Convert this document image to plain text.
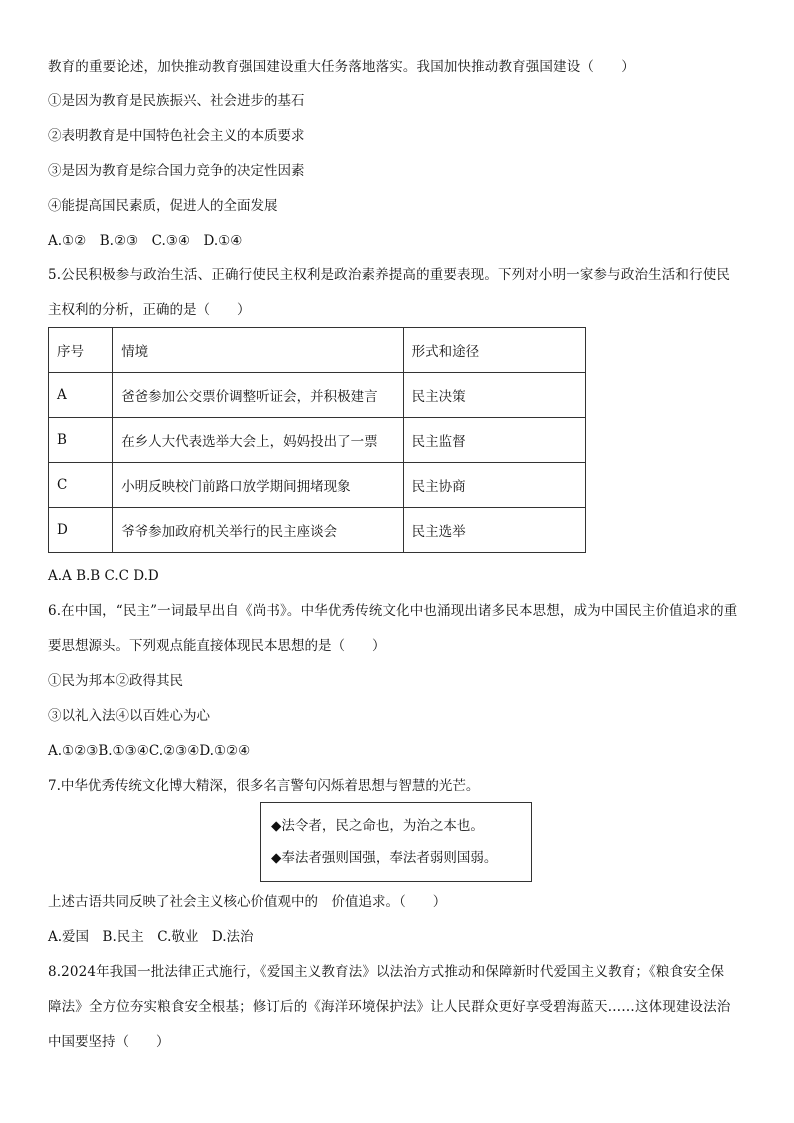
教育的重要论述，加快推动教育强国建设重大任务落地落实。我国加快推动教育强国建设（　　）
①是因为教育是民族振兴、社会进步的基石
②表明教育是中国特色社会主义的本质要求
③是因为教育是综合国力竞争的决定性因素
④能提高国民素质，促进人的全面发展
A.①②　B.②③　C.③④　D.①④
5.公民积极参与政治生活、正确行使民主权利是政治素养提高的重要表现。下列对小明一家参与政治生活和行使民
主权利的分析，正确的是（　　）
序号	情境	形式和途径
A	爸爸参加公交票价调整听证会，并积极建言	民主决策
B	在乡人大代表选举大会上，妈妈投出了一票	民主监督
C	小明反映校门前路口放学期间拥堵现象	民主协商
D	爷爷参加政府机关举行的民主座谈会	民主选举
A.A B.B C.C D.D
6.在中国，“民主”一词最早出自《尚书》。中华优秀传统文化中也涌现出诸多民本思想，成为中国民主价值追求的重
要思想源头。下列观点能直接体现民本思想的是（　　）
①民为邦本②政得其民
③以礼入法④以百姓心为心
A.①②③B.①③④C.②③④D.①②④
7.中华优秀传统文化博大精深，很多名言警句闪烁着思想与智慧的光芒。
◆法令者，民之命也，为治之本也。
◆奉法者强则国强，奉法者弱则国弱。
上述古语共同反映了社会主义核心价值观中的　价值追求。（　　）
A.爱国　B.民主　C.敬业　D.法治
8.2024年我国一批法律正式施行，《爱国主义教育法》以法治方式推动和保障新时代爱国主义教育；《粮食安全保
障法》全方位夯实粮食安全根基；修订后的《海洋环境保护法》让人民群众更好享受碧海蓝天……这体现建设法治
中国要坚持（　　）
